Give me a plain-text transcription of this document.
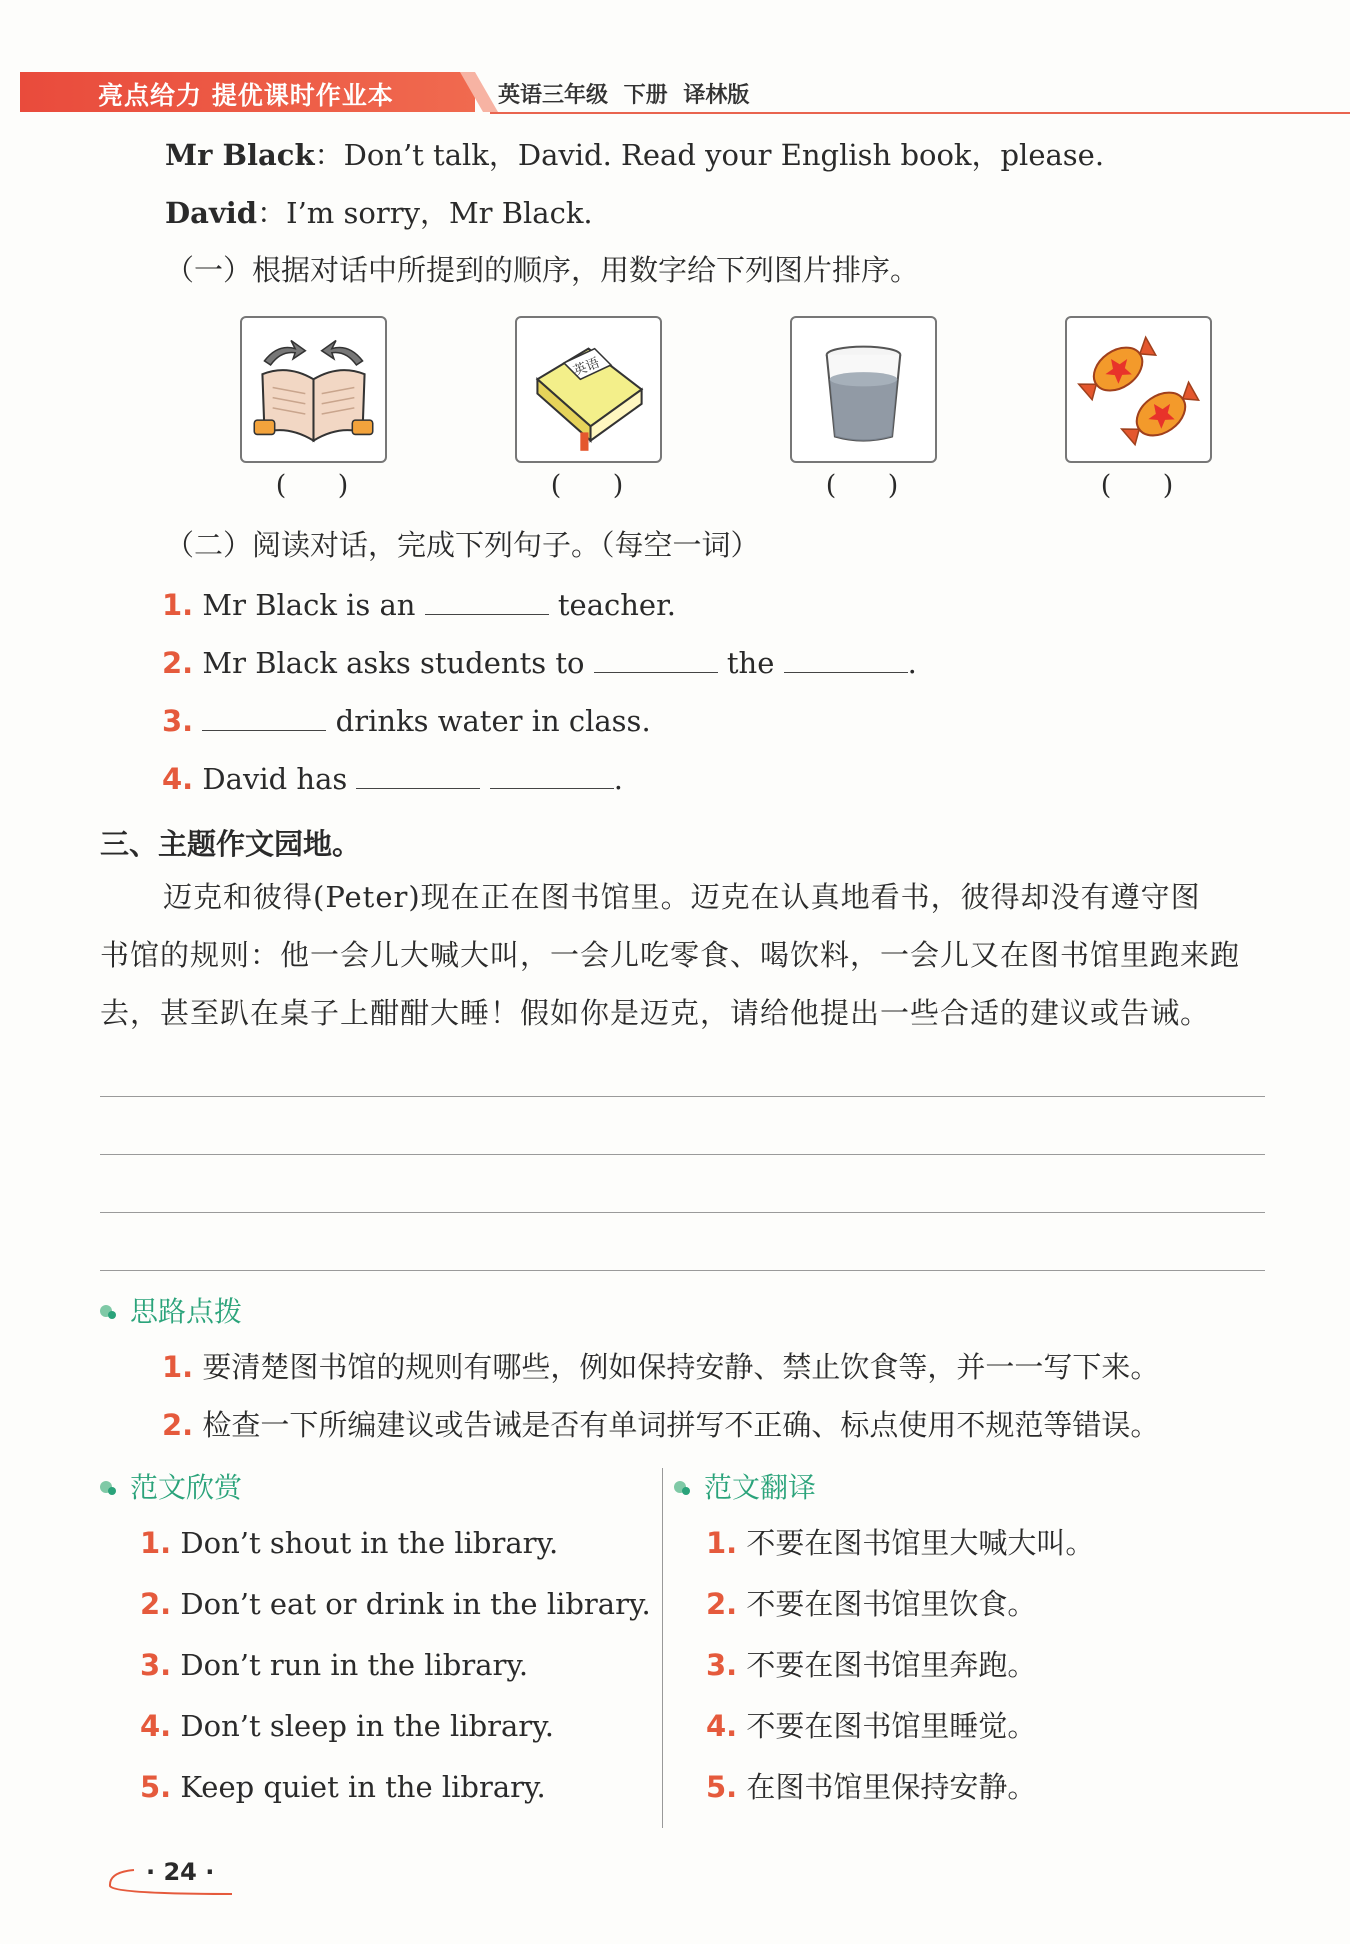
亮点给力 提优课时作业本	英语三年级 下册 译林版
Mr Black：Don’t talk，David. Read your English book，please.
David：I’m sorry，Mr Black.
（一）根据对话中所提到的顺序，用数字给下列图片排序。
英语
(      )	(      )	(      )	(      )
（二）阅读对话，完成下列句子。（每空一词）
1. Mr Black is an	teacher.
2. Mr Black asks students to	the	.
3.	drinks water in class.
4. David has	.
三、主题作文园地。
迈克和彼得(Peter)现在正在图书馆里。迈克在认真地看书，彼得却没有遵守图
书馆的规则：他一会儿大喊大叫，一会儿吃零食、喝饮料，一会儿又在图书馆里跑来跑
去，甚至趴在桌子上酣酣大睡！假如你是迈克，请给他提出一些合适的建议或告诫。
思路点拨
1. 要清楚图书馆的规则有哪些，例如保持安静、禁止饮食等，并一一写下来。
2. 检查一下所编建议或告诫是否有单词拼写不正确、标点使用不规范等错误。
范文欣赏	范文翻译
1. Don’t shout in the library.
2. Don’t eat or drink in the library.
3. Don’t run in the library.
4. Don’t sleep in the library.
5. Keep quiet in the library.
1. 不要在图书馆里大喊大叫。
2. 不要在图书馆里饮食。
3. 不要在图书馆里奔跑。
4. 不要在图书馆里睡觉。
5. 在图书馆里保持安静。
· 24 ·
